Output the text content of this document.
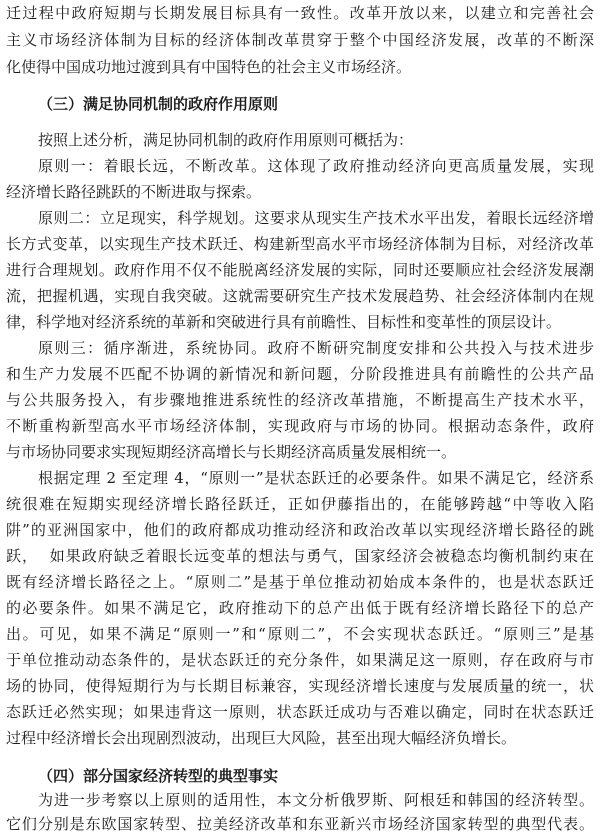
迁过程中政府短期与长期发展目标具有一致性。改革开放以来，以建立和完善社会
主义市场经济体制为目标的经济体制改革贯穿于整个中国经济发展，改革的不断深
化使得中国成功地过渡到具有中国特色的社会主义市场经济。
（三）满足协同机制的政府作用原则
按照上述分析，满足协同机制的政府作用原则可概括为：
原则一：着眼长远，不断改革。这体现了政府推动经济向更高质量发展，实现
经济增长路径跳跃的不断进取与探索。
原则二：立足现实，科学规划。这要求从现实生产技术水平出发，着眼长远经济增
长方式变革，以实现生产技术跃迁、构建新型高水平市场经济体制为目标，对经济改革
进行合理规划。政府作用不仅不能脱离经济发展的实际，同时还要顺应社会经济发展潮
流，把握机遇，实现自我突破。这就需要研究生产技术发展趋势、社会经济体制内在规
律，科学地对经济系统的革新和突破进行具有前瞻性、目标性和变革性的顶层设计。
原则三：循序渐进，系统协同。政府不断研究制度安排和公共投入与技术进步
和生产力发展不匹配不协调的新情况和新问题，分阶段推进具有前瞻性的公共产品
与公共服务投入，有步骤地推进系统性的经济改革措施，不断提高生产技术水平，
不断重构新型高水平市场经济体制，实现政府与市场的协同。根据动态条件，政府
与市场协同要求实现短期经济高增长与长期经济高质量发展相统一。
根据定理 2 至定理 4，“原则一”是状态跃迁的必要条件。如果不满足它，经济系
统很难在短期实现经济增长路径跃迁，正如伊藤指出的，在能够跨越“中等收入陷
阱”的亚洲国家中，他们的政府都成功推动经济和政治改革以实现经济增长路径的跳
跃，  如果政府缺乏着眼长远变革的想法与勇气，国家经济会被稳态均衡机制约束在
既有经济增长路径之上。“原则二”是基于单位推动初始成本条件的，也是状态跃迁
的必要条件。如果不满足它，政府推动下的总产出低于既有经济增长路径下的总产
出。可见，如果不满足“原则一”和“原则二”，不会实现状态跃迁。“原则三”是基
于单位推动动态条件的，是状态跃迁的充分条件，如果满足这一原则，存在政府与市
场的协同，使得短期行为与长期目标兼容，实现经济增长速度与发展质量的统一，状
态跃迁必然实现；如果违背这一原则，状态跃迁成功与否难以确定，同时在状态跃迁
过程中经济增长会出现剧烈波动，出现巨大风险，甚至出现大幅经济负增长。
（四）部分国家经济转型的典型事实
为进一步考察以上原则的适用性，本文分析俄罗斯、阿根廷和韩国的经济转型。
它们分别是东欧国家转型、拉美经济改革和东亚新兴市场经济国家转型的典型代表。
